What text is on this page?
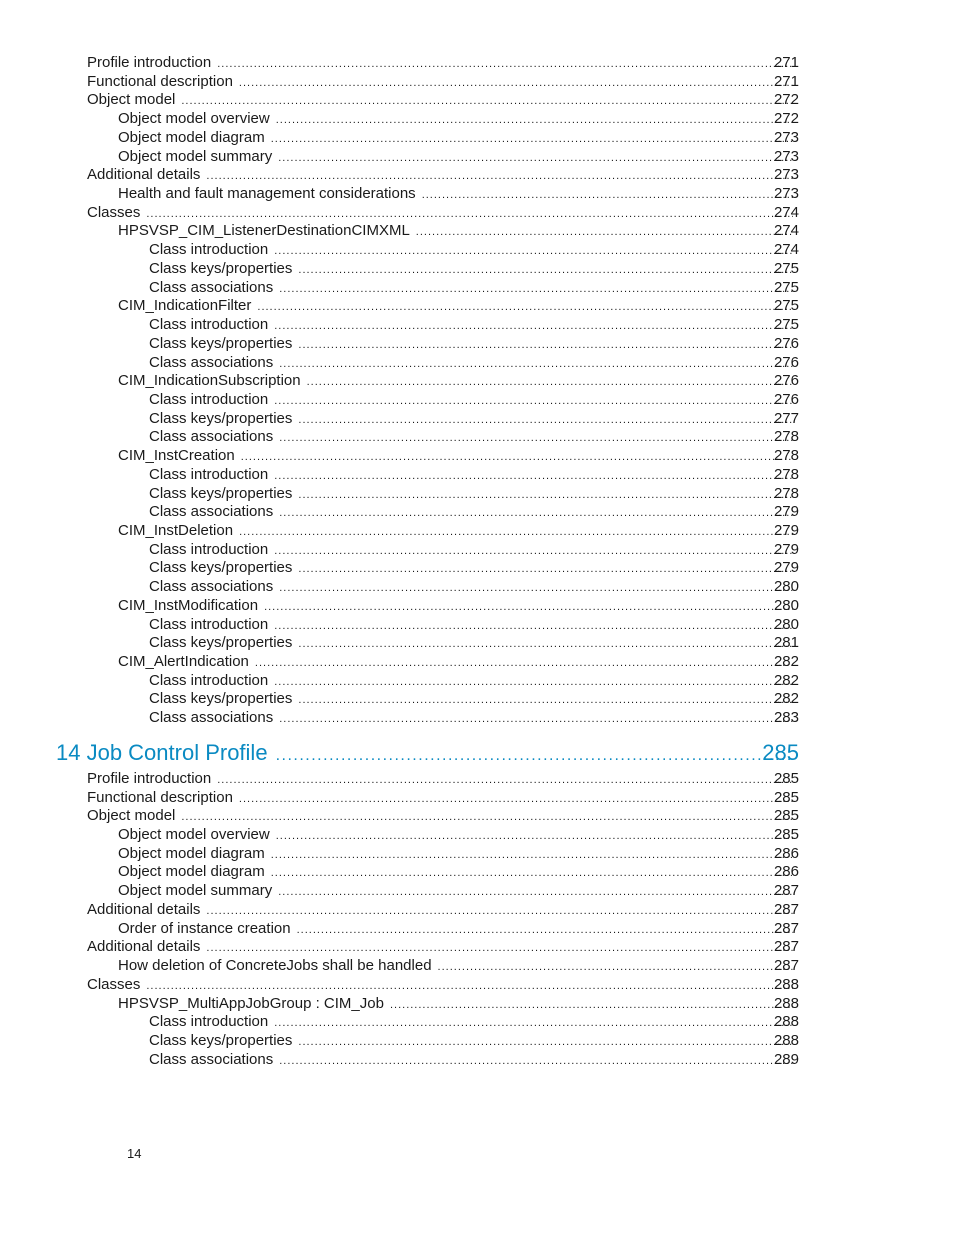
Profile introduction .....	271
Functional description .....	271
Object model .....	272
Object model overview .....	272
Object model diagram .....	273
Object model summary .....	273
Additional details .....	273
Health and fault management considerations .....	273
Classes .....	274
HPSVSP_CIM_ListenerDestinationCIMXML .....	274
Class introduction .....	274
Class keys/properties .....	275
Class associations .....	275
CIM_IndicationFilter .....	275
Class introduction .....	275
Class keys/properties .....	276
Class associations .....	276
CIM_IndicationSubscription .....	276
Class introduction .....	276
Class keys/properties .....	277
Class associations .....	278
CIM_InstCreation .....	278
Class introduction .....	278
Class keys/properties .....	278
Class associations .....	279
CIM_InstDeletion .....	279
Class introduction .....	279
Class keys/properties .....	279
Class associations .....	280
CIM_InstModification .....	280
Class introduction .....	280
Class keys/properties .....	281
CIM_AlertIndication .....	282
Class introduction .....	282
Class keys/properties .....	282
Class associations .....	283
14 Job Control Profile .....	285
Profile introduction .....	285
Functional description .....	285
Object model .....	285
Object model overview .....	285
Object model diagram .....	286
Object model diagram .....	286
Object model summary .....	287
Additional details .....	287
Order of instance creation .....	287
Additional details .....	287
How deletion of ConcreteJobs shall be handled .....	287
Classes .....	288
HPSVSP_MultiAppJobGroup : CIM_Job .....	288
Class introduction .....	288
Class keys/properties .....	288
Class associations .....	289
14
